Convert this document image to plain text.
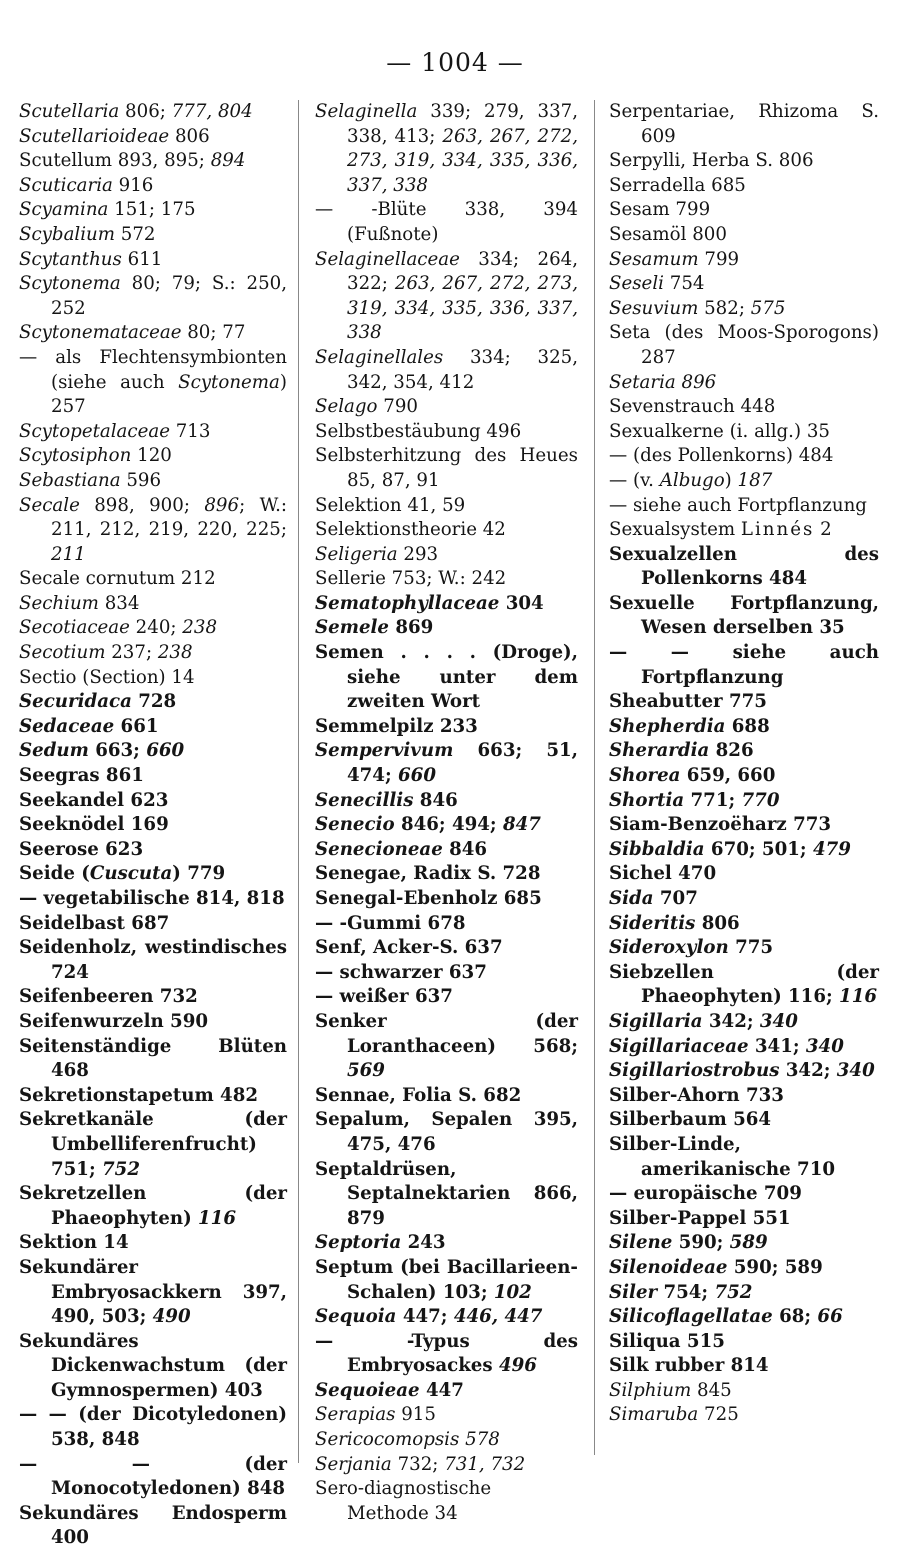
— 1004 —

Scutellaria 806; 777, 804

Scutellarioideae 806

Scutellum 893, 895; 894

Scuticaria 916

Scyamina 151; 175

Scybalium 572

Scytanthus 611

Scytonema 80; 79; S.: 250, 252

Scytonemataceae 80; 77

— als Flechtensymbionten (siehe auch Scytonema) 257

Scytopetalaceae 713

Scytosiphon 120

Sebastiana 596

Secale 898, 900; 896; W.: 211, 212, 219, 220, 225; 211

Secale cornutum 212

Sechium 834

Secotiaceae 240; 238

Secotium 237; 238

Sectio (Section) 14

Securidaca 728

Sedaceae 661

Sedum 663; 660

Seegras 861

Seekandel 623

Seeknödel 169

Seerose 623

Seide (Cuscuta) 779

— vegetabilische 814, 818

Seidelbast 687

Seidenholz, westindisches 724

Seifenbeeren 732

Seifenwurzeln 590

Seitenständige Blüten 468

Sekretionstapetum 482

Sekretkanäle (der Umbelliferenfrucht) 751; 752

Sekretzellen (der Phaeophyten) 116

Sektion 14

Sekundärer Embryosackkern 397, 490, 503; 490

Sekundäres Dickenwachstum (der Gymnospermen) 403

— — (der Dicotyledonen) 538, 848

— — (der Monocotyledonen) 848

Sekundäres Endosperm 400

Selaginella 339; 279, 337, 338, 413; 263, 267, 272, 273, 319, 334, 335, 336, 337, 338

— -Blüte 338, 394 (Fußnote)

Selaginellaceae 334; 264, 322; 263, 267, 272, 273, 319, 334, 335, 336, 337, 338

Selaginellales 334; 325, 342, 354, 412

Selago 790

Selbstbestäubung 496

Selbsterhitzung des Heues 85, 87, 91

Selektion 41, 59

Selektionstheorie 42

Seligeria 293

Sellerie 753; W.: 242

Sematophyllaceae 304

Semele 869

Semen . . . . (Droge), siehe unter dem zweiten Wort

Semmelpilz 233

Sempervivum 663; 51, 474; 660

Senecillis 846

Senecio 846; 494; 847

Senecioneae 846

Senegae, Radix S. 728

Senegal-Ebenholz 685

— -Gummi 678

Senf, Acker-S. 637

— schwarzer 637

— weißer 637

Senker (der Loranthaceen) 568; 569

Sennae, Folia S. 682

Sepalum, Sepalen 395, 475, 476

Septaldrüsen, Septalnektarien 866, 879

Septoria 243

Septum (bei Bacillarieen-Schalen) 103; 102

Sequoia 447; 446, 447

— -Typus des Embryosackes 496

Sequoieae 447

Serapias 915

Sericocomopsis 578

Serjania 732; 731, 732

Sero-diagnostische Methode 34

Serpentariae, Rhizoma S. 609

Serpylli, Herba S. 806

Serradella 685

Sesam 799

Sesamöl 800

Sesamum 799

Seseli 754

Sesuvium 582; 575

Seta (des Moos-Sporogons) 287

Setaria 896

Sevenstrauch 448

Sexualkerne (i. allg.) 35

— (des Pollenkorns) 484

— (v. Albugo) 187

— siehe auch Fortpflanzung

Sexualsystem Linnés 2

Sexualzellen des Pollenkorns 484

Sexuelle Fortpflanzung, Wesen derselben 35

— — siehe auch Fortpflanzung

Sheabutter 775

Shepherdia 688

Sherardia 826

Shorea 659, 660

Shortia 771; 770

Siam-Benzoëharz 773

Sibbaldia 670; 501; 479

Sichel 470

Sida 707

Sideritis 806

Sideroxylon 775

Siebzellen (der Phaeophyten) 116; 116

Sigillaria 342; 340

Sigillariaceae 341; 340

Sigillariostrobus 342; 340

Silber-Ahorn 733

Silberbaum 564

Silber-Linde, amerikanische 710

— europäische 709

Silber-Pappel 551

Silene 590; 589

Silenoideae 590; 589

Siler 754; 752

Silicoflagellatae 68; 66

Siliqua 515

Silk rubber 814

Silphium 845

Simaruba 725
